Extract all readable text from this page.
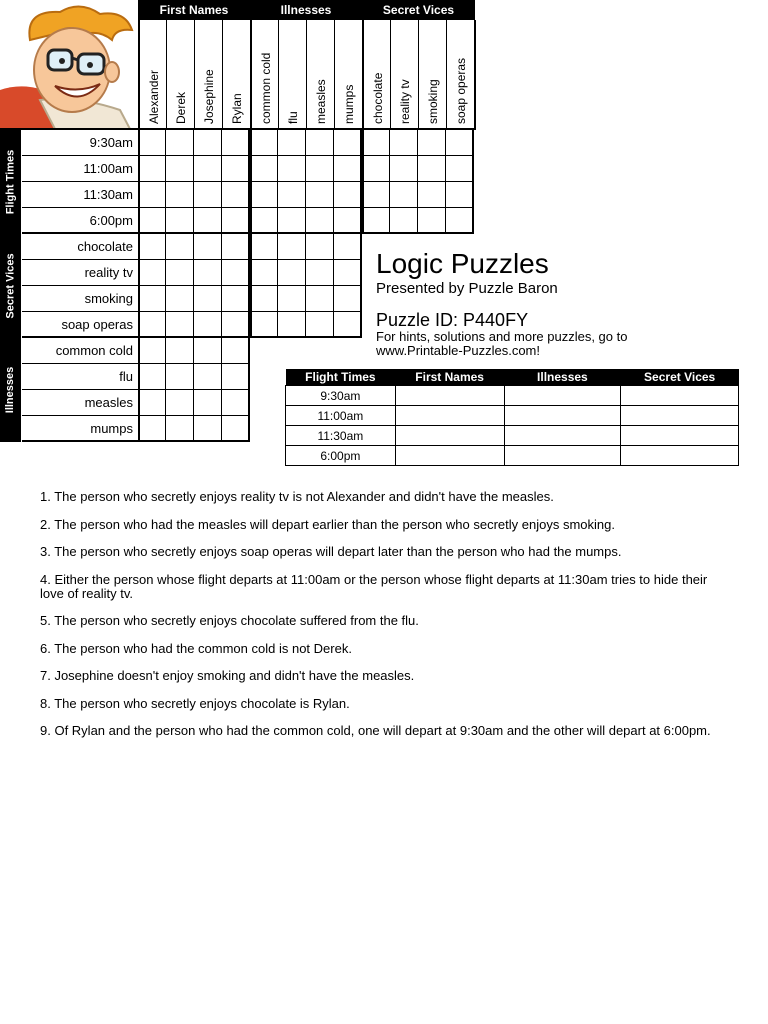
First Names
Alexander Derek Josephine Rylan
Illnesses
common cold flu measles mumps
Secret Vices
chocolate reality tv smoking soap operas
Flight Times
9:30am
11:00am
11:30am
6:00pm
Secret Vices
chocolate
reality tv
smoking
soap operas
Illnesses
common cold
flu
measles
mumps
Logic Puzzles
Presented by Puzzle Baron
Puzzle ID: P440FY
For hints, solutions and more puzzles, go to www.Printable-Puzzles.com!
Flight Times	First Names	Illnesses	Secret Vices
9:30am			
11:00am			
11:30am			
6:00pm			
1. The person who secretly enjoys reality tv is not Alexander and didn't have the measles.
2. The person who had the measles will depart earlier than the person who secretly enjoys smoking.
3. The person who secretly enjoys soap operas will depart later than the person who had the mumps.
4. Either the person whose flight departs at 11:00am or the person whose flight departs at 11:30am tries to hide their love of reality tv.
5. The person who secretly enjoys chocolate suffered from the flu.
6. The person who had the common cold is not Derek.
7. Josephine doesn't enjoy smoking and didn't have the measles.
8. The person who secretly enjoys chocolate is Rylan.
9. Of Rylan and the person who had the common cold, one will depart at 9:30am and the other will depart at 6:00pm.
